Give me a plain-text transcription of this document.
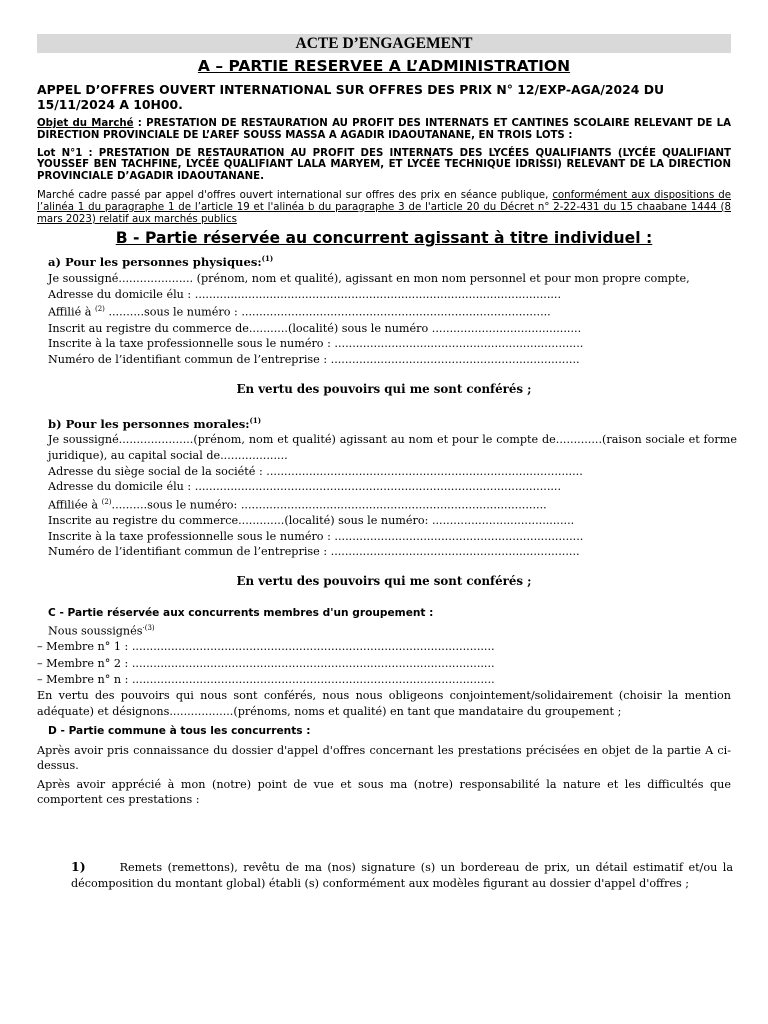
ACTE D’ENGAGEMENT
A – PARTIE RESERVEE A L’ADMINISTRATION
APPEL D’OFFRES OUVERT INTERNATIONAL SUR OFFRES DES PRIX N° 12/EXP-AGA/2024 DU 15/11/2024 A 10H00.
Objet du Marché : PRESTATION DE RESTAURATION AU PROFIT DES INTERNATS ET CANTINES SCOLAIRE RELEVANT DE LA DIRECTION PROVINCIALE DE L’AREF SOUSS MASSA A AGADIR IDAOUTANANE, EN TROIS LOTS :
Lot N°1 : PRESTATION DE RESTAURATION AU PROFIT DES INTERNATS DES LYCÉES QUALIFIANTS (LYCÉE QUALIFIANT YOUSSEF BEN TACHFINE, LYCÉE QUALIFIANT LALA MARYEM, ET LYCÉE TECHNIQUE IDRISSI) RELEVANT DE LA DIRECTION PROVINCIALE D’AGADIR IDAOUTANANE.
Marché cadre passé par appel d'offres ouvert international sur offres des prix en séance publique, conformément aux dispositions de l’alinéa 1 du paragraphe 1 de l’article 19 et l'alinéa b du paragraphe 3 de l'article 20 du Décret n° 2-22-431 du 15 chaabane 1444 (8 mars 2023) relatif aux marchés publics
B - Partie réservée au concurrent agissant à titre individuel :
a) Pour les personnes physiques:$^{(1)}$
Je soussigné..................... (prénom, nom et qualité), agissant en mon nom personnel et pour mon propre compte,
Adresse du domicile élu : .......................................................................................................
Affilié à $^{(2)}$ ..........sous le numéro : .......................................................................................
Inscrit au registre du commerce de...........(localité) sous le numéro ..........................................
Inscrite à la taxe professionnelle sous le numéro : ......................................................................
Numéro de l’identifiant commun de l’entreprise : ......................................................................
En vertu des pouvoirs qui me sont conférés ;
b) Pour les personnes morales:$^{(1)}$
Je soussigné.....................(prénom, nom et qualité) agissant au nom et pour le compte de.............(raison sociale et forme juridique), au capital social de...................
Adresse du siège social de la société : .........................................................................................
Adresse du domicile élu : .......................................................................................................
Affiliée à $^{(2)}$..........sous le numéro: ......................................................................................
Inscrite au registre du commerce.............(localité) sous le numéro: ........................................
Inscrite à la taxe professionnelle sous le numéro : ......................................................................
Numéro de l’identifiant commun de l’entreprise : ......................................................................
En vertu des pouvoirs qui me sont conférés ;
C - Partie réservée aux concurrents membres d'un groupement :
Nous soussignés$^{\cdot(3)}$
– Membre n° 1 : ......................................................................................................
– Membre n° 2 : ......................................................................................................
– Membre n° n : ......................................................................................................
En vertu des pouvoirs qui nous sont conférés, nous nous obligeons conjointement/solidairement (choisir la mention adéquate) et désignons..................(prénoms, noms et qualité) en tant que mandataire du groupement ;
D - Partie commune à tous les concurrents :
Après avoir pris connaissance du dossier d'appel d'offres concernant les prestations précisées en objet de la partie A ci-dessus.
Après avoir apprécié à mon (notre) point de vue et sous ma (notre) responsabilité la nature et les difficultés que comportent ces prestations :
1)	Remets (remettons), revêtu de ma (nos) signature (s) un bordereau de prix, un détail estimatif et/ou la décomposition du montant global) établi (s) conformément aux modèles figurant au dossier d'appel d'offres ;
